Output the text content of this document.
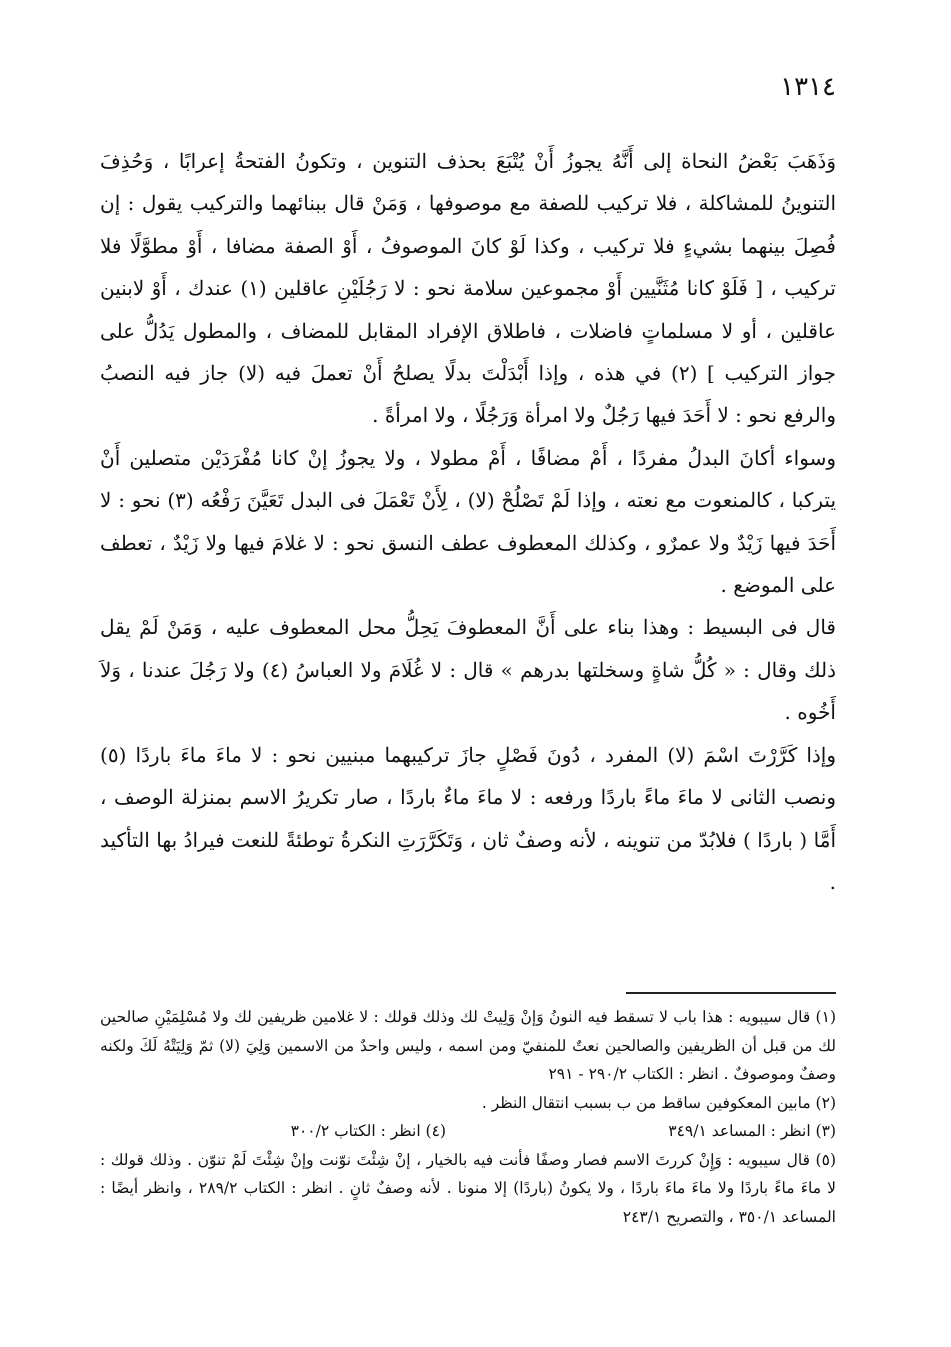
١٣١٤

وَذَهَبَ بَعْضُ النحاة إلى أَنَّهُ يجوزُ أَنْ يُتْبَعَ بحذف التنوين ، وتكونُ الفتحةُ إعرابًا ، وَحُذِفَ التنوينُ للمشاكلة ، فلا تركيب للصفة مع موصوفها ، وَمَنْ قال ببنائهما والتركيب يقول : إن فُصِلَ بينهما بشيءٍ فلا تركيب ، وكذا لَوْ كانَ الموصوفُ ، أَوْ الصفة مضافا ، أَوْ مطوَّلًا فلا تركيب ، [ فَلَوْ كانا مُثَنَّيين أَوْ مجموعين سلامة نحو : لا رَجُلَيْنِ عاقلين (١) عندك ، أَوْ لابنين عاقلين ، أو لا مسلماتٍ فاضلات ، فاطلاق الإفراد المقابل للمضاف ، والمطول يَدُلُّ على جواز التركيب ] (٢) في هذه ، وإذا أَبْدَلْتَ بدلًا يصلحُ أَنْ تعملَ فيه (لا) جاز فيه النصبُ والرفع نحو : لا أَحَدَ فيها رَجُلٌ ولا امرأة وَرَجُلًا ، ولا امرأةً .

وسواء أكانَ البدلُ مفردًا ، أَمْ مضافًا ، أَمْ مطولا ، ولا يجوزُ إنْ كانا مُفْرَدَيْن متصلين أَنْ يتركبا ، كالمنعوت مع نعته ، وإذا لَمْ تَصْلُحْ (لا) ، لِأَنْ تَعْمَلَ فى البدل تَعَيَّنَ رَفْعُه (٣) نحو : لا أَحَدَ فيها زَيْدٌ ولا عمرٌو ، وكذلك المعطوف عطف النسق نحو : لا غلامَ فيها ولا زَيْدٌ ، تعطف على الموضع .

قال فى البسيط : وهذا بناء على أَنَّ المعطوفَ يَحِلُّ محل المعطوف عليه ، وَمَنْ لَمْ يقل ذلك وقال : « كُلُّ شاةٍ وسخلتها بدرهم » قال : لا غُلَامَ ولا العباسُ (٤) ولا رَجُلَ عندنا ، وَلاَ أَخُوه .

وإذا كَرَّرْتَ اسْمَ (لا) المفرد ، دُونَ فَصْلٍ جازَ تركيبهما مبنيين نحو : لا ماءَ ماءَ باردًا (٥) ونصب الثانى لا ماءَ ماءً باردًا ورفعه : لا ماءَ ماءٌ باردًا ، صار تكريرُ الاسم بمنزلة الوصف ، أَمَّا ( باردًا ) فلابُدّ من تنوينه ، لأنه وصفٌ ثان ، وَتَكَرَّرَتِ النكرةُ توطئةً للنعت فيرادُ بها التأكيد .

(١) قال سيبويه : هذا باب لا تسقط فيه النونُ وَإنْ وَلِيتْ لك وذلك قولك : لا غلامين ظريفين لك ولا مُسْلِمَيْنِ صالحين لك من قبل أن الظريفين والصالحين نعتٌ للمنفيّ ومن اسمه ، وليس واحدٌ من الاسمين وَلِيَ (لا) ثمّ وَلِيَتْهُ لَكَ ولكنه وصفٌ وموصوفٌ . انظر : الكتاب ٢٩٠/٢ - ٢٩١

(٢) مابين المعكوفين ساقط من ب بسبب انتقال النظر .

(٣) انظر : المساعد ٣٤٩/١
(٤) انظر : الكتاب ٣٠٠/٢

(٥) قال سيبويه : وَإِنْ كررتَ الاسم فصار وصفًا فأنت فيه بالخيار ، إنْ شِئْتَ نوّنت وإنْ شِئْتَ لَمْ تنوّن . وذلك قولك : لا ماءَ ماءً باردًا ولا ماءَ ماءَ باردًا ، ولا يكونُ (باردًا) إلا منونا . لأنه وصفٌ ثانٍ . انظر : الكتاب ٢٨٩/٢ ، وانظر أيضًا : المساعد ٣٥٠/١ ، والتصريح ٢٤٣/١
